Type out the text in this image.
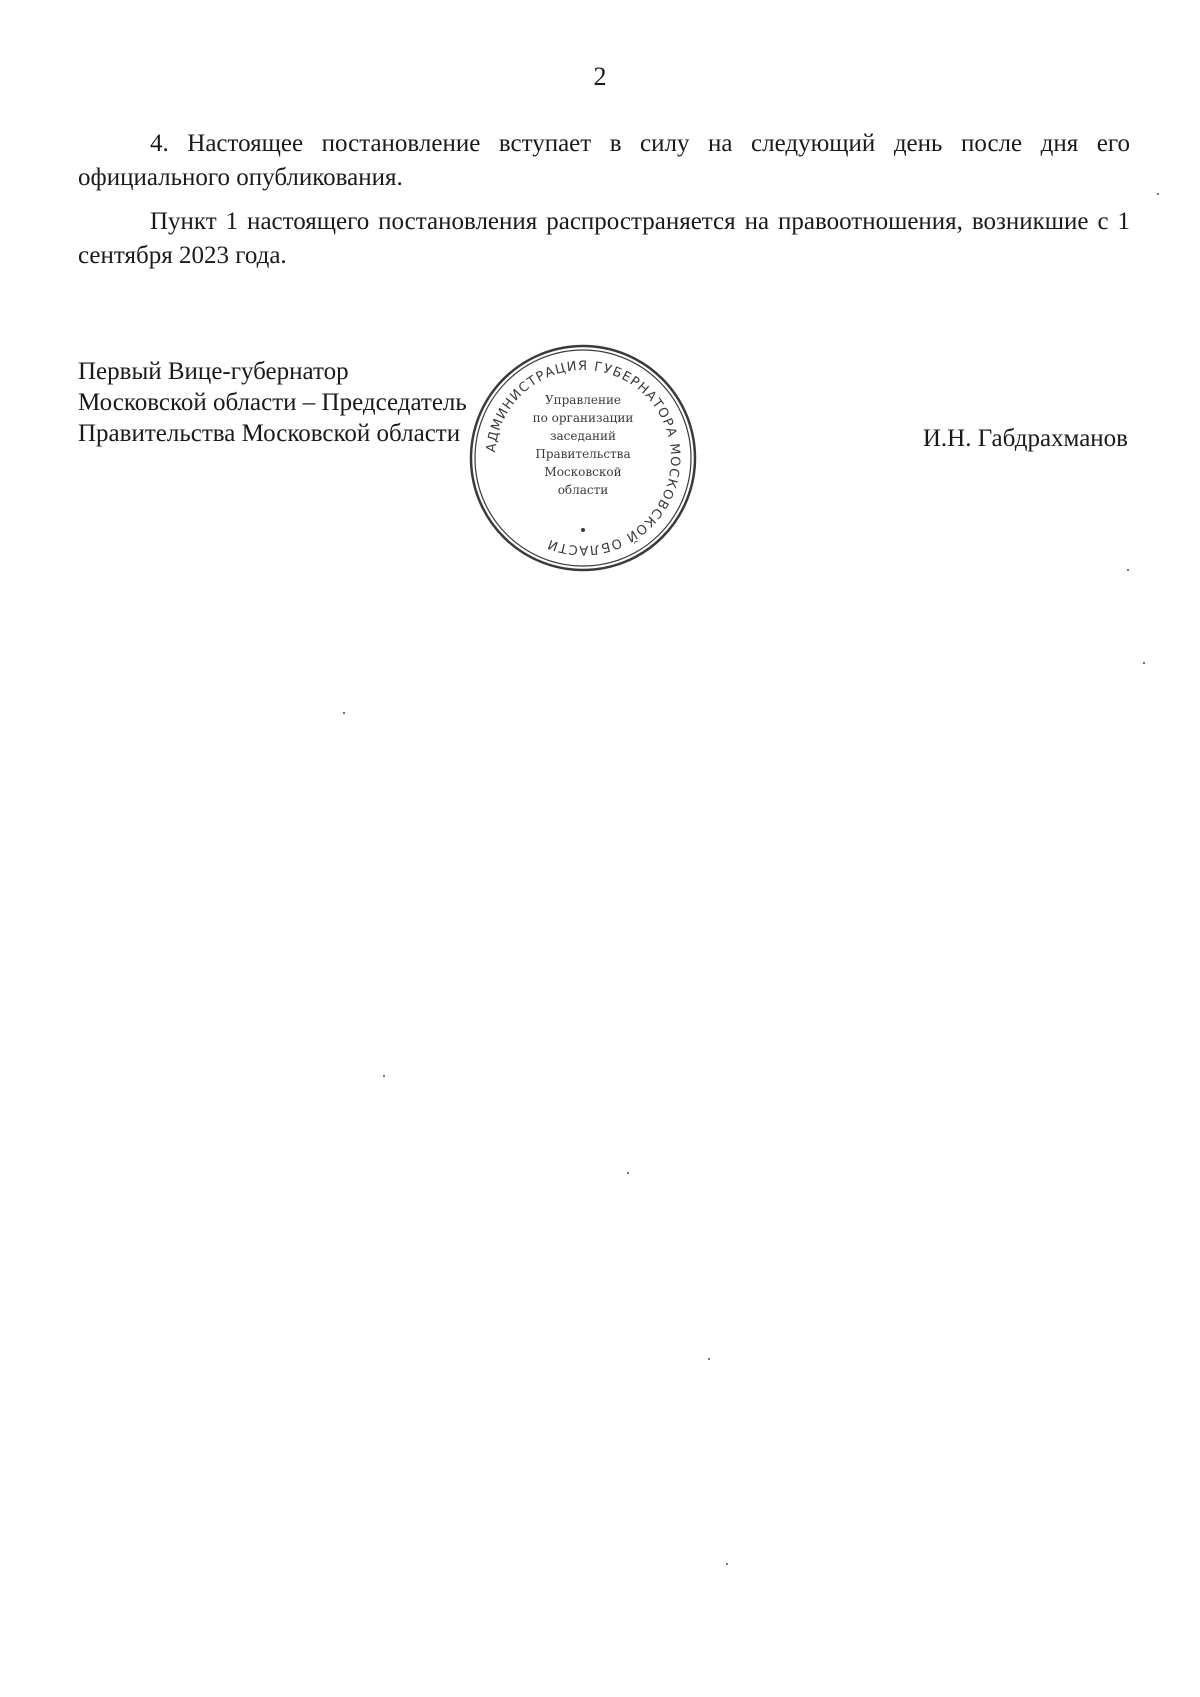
2

4. Настоящее постановление вступает в силу на следующий день после дня его официального опубликования.

Пункт 1 настоящего постановления распространяется на правоотношения, возникшие с 1 сентября 2023 года.

Первый Вице-губернатор
Московской области – Председатель
Правительства Московской области	И.Н. Габдрахманов
АДМИНИСТРАЦИЯ ГУБЕРНАТОРА МОСКОВСКОЙ ОБЛАСТИ
Управление
по организации
заседаний
Правительства
Московской
области
